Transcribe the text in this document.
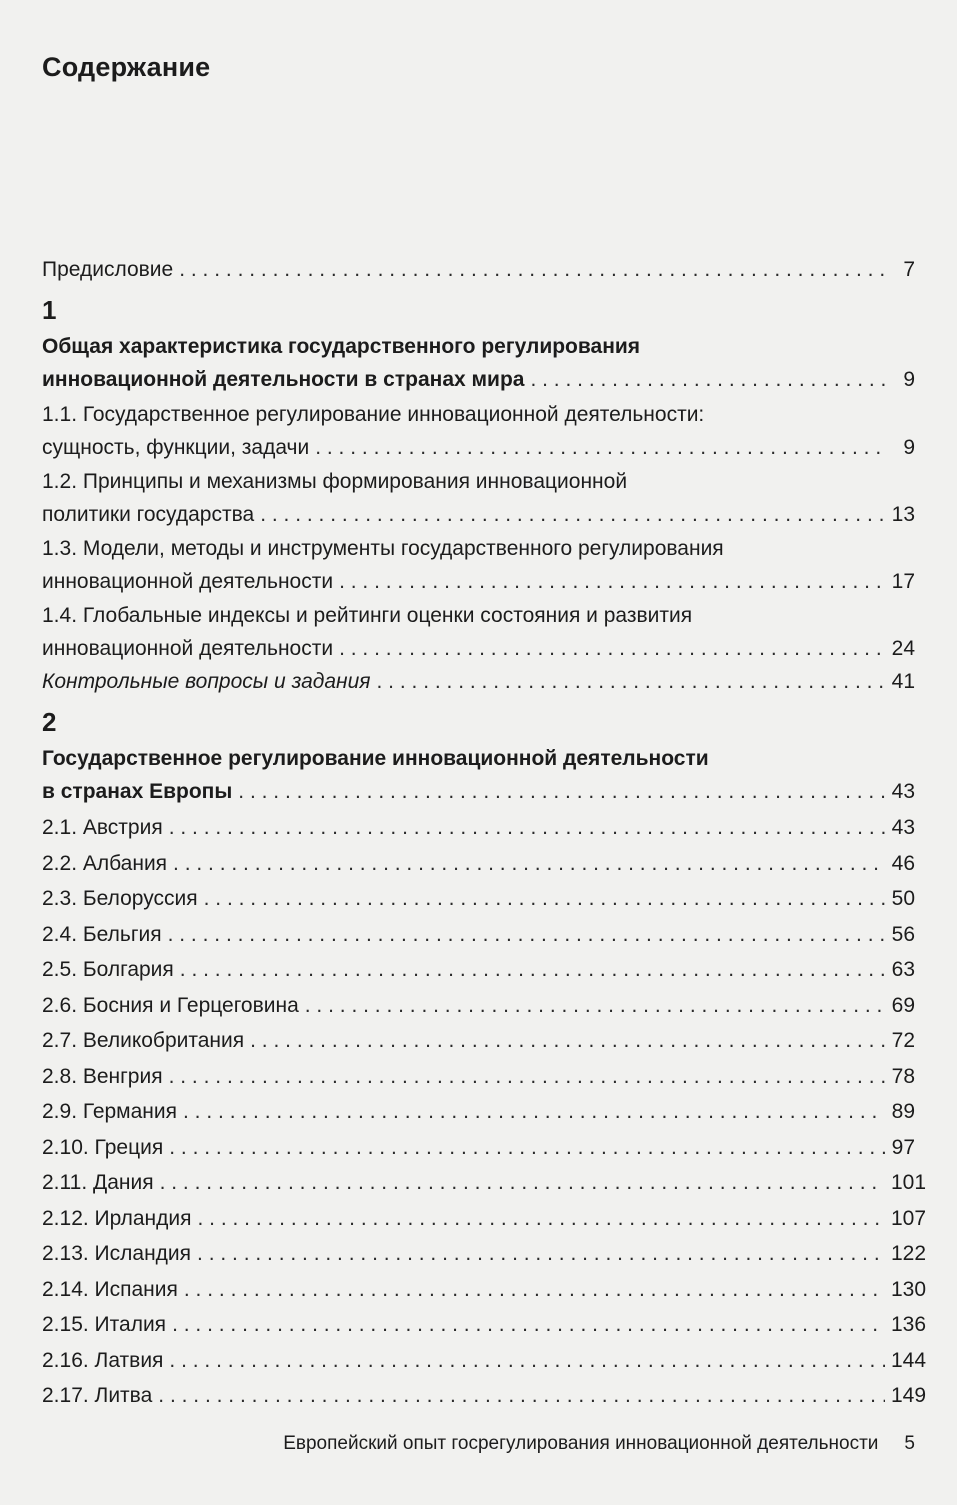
Содержание
Предисловие . . .	7
1
Общая характеристика государственного регулирования
инновационной деятельности в странах мира . . .	9
1.1. Государственное регулирование инновационной деятельности:
сущность, функции, задачи . . .	9
1.2. Принципы и механизмы формирования инновационной
политики государства . . .	13
1.3. Модели, методы и инструменты государственного регулирования
инновационной деятельности . . .	17
1.4. Глобальные индексы и рейтинги оценки состояния и развития
инновационной деятельности . . .	24
Контрольные вопросы и задания . . .	41
2
Государственное регулирование инновационной деятельности
в странах Европы . . .	43
2.1. Австрия . . .	43
2.2. Албания . . .	46
2.3. Белоруссия . . .	50
2.4. Бельгия . . .	56
2.5. Болгария . . .	63
2.6. Босния и Герцеговина . . .	69
2.7. Великобритания . . .	72
2.8. Венгрия . . .	78
2.9. Германия . . .	89
2.10. Греция . . .	97
2.11. Дания . . .	101
2.12. Ирландия . . .	107
2.13. Исландия . . .	122
2.14. Испания . . .	130
2.15. Италия . . .	136
2.16. Латвия . . .	144
2.17. Литва . . .	149
Европейский опыт госрегулирования инновационной деятельности 5
